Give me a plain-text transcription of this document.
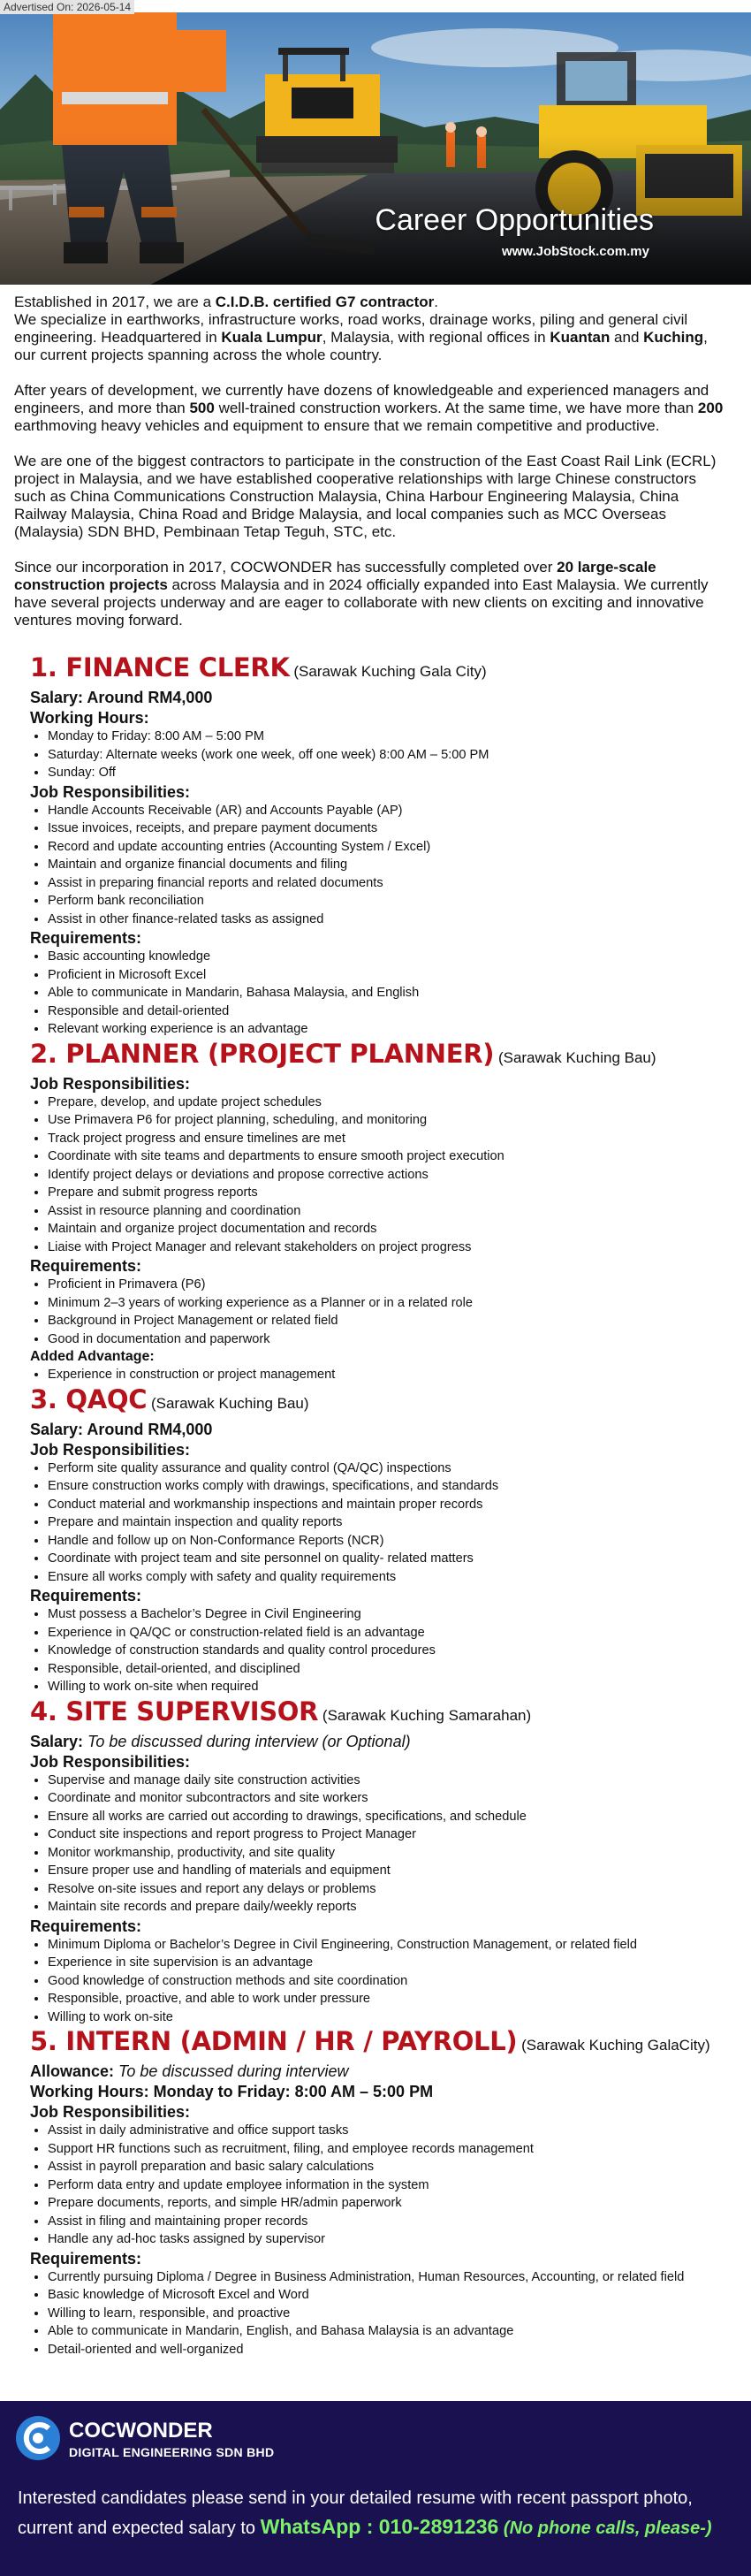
Advertised On: 2026-05-14
Career Opportunities
www.JobStock.com.my

Established in 2017, we are a C.I.D.B. certified G7 contractor.
We specialize in earthworks, infrastructure works, road works, drainage works, piling and general civil engineering. Headquartered in Kuala Lumpur, Malaysia, with regional offices in Kuantan and Kuching, our current projects spanning across the whole country.

After years of development, we currently have dozens of knowledgeable and experienced managers and engineers, and more than 500 well-trained construction workers. At the same time, we have more than 200 earthmoving heavy vehicles and equipment to ensure that we remain competitive and productive.

We are one of the biggest contractors to participate in the construction of the East Coast Rail Link (ECRL) project in Malaysia, and we have established cooperative relationships with large Chinese constructors such as China Communications Construction Malaysia, China Harbour Engineering Malaysia, China Railway Malaysia, China Road and Bridge Malaysia, and local companies such as MCC Overseas (Malaysia) SDN BHD, Pembinaan Tetap Teguh, STC, etc.

Since our incorporation in 2017, COCWONDER has successfully completed over 20 large-scale construction projects across Malaysia and in 2024 officially expanded into East Malaysia. We currently have several projects underway and are eager to collaborate with new clients on exciting and innovative ventures moving forward.

1. FINANCE CLERK (Sarawak Kuching Gala City)
Salary: Around RM4,000
Working Hours:
• Monday to Friday: 8:00 AM – 5:00 PM
• Saturday: Alternate weeks (work one week, off one week) 8:00 AM – 5:00 PM
• Sunday: Off
Job Responsibilities:
• Handle Accounts Receivable (AR) and Accounts Payable (AP)
• Issue invoices, receipts, and prepare payment documents
• Record and update accounting entries (Accounting System / Excel)
• Maintain and organize financial documents and filing
• Assist in preparing financial reports and related documents
• Perform bank reconciliation
• Assist in other finance-related tasks as assigned
Requirements:
• Basic accounting knowledge
• Proficient in Microsoft Excel
• Able to communicate in Mandarin, Bahasa Malaysia, and English
• Responsible and detail-oriented
• Relevant working experience is an advantage
2. PLANNER (PROJECT PLANNER) (Sarawak Kuching Bau)
Job Responsibilities:
• Prepare, develop, and update project schedules
• Use Primavera P6 for project planning, scheduling, and monitoring
• Track project progress and ensure timelines are met
• Coordinate with site teams and departments to ensure smooth project execution
• Identify project delays or deviations and propose corrective actions
• Prepare and submit progress reports
• Assist in resource planning and coordination
• Maintain and organize project documentation and records
• Liaise with Project Manager and relevant stakeholders on project progress
Requirements:
• Proficient in Primavera (P6)
• Minimum 2–3 years of working experience as a Planner or in a related role
• Background in Project Management or related field
• Good in documentation and paperwork
Added Advantage:
• Experience in construction or project management
3. QAQC (Sarawak Kuching Bau)
Salary: Around RM4,000
Job Responsibilities:
• Perform site quality assurance and quality control (QA/QC) inspections
• Ensure construction works comply with drawings, specifications, and standards
• Conduct material and workmanship inspections and maintain proper records
• Prepare and maintain inspection and quality reports
• Handle and follow up on Non-Conformance Reports (NCR)
• Coordinate with project team and site personnel on quality- related matters
• Ensure all works comply with safety and quality requirements
Requirements:
• Must possess a Bachelor’s Degree in Civil Engineering
• Experience in QA/QC or construction-related field is an advantage
• Knowledge of construction standards and quality control procedures
• Responsible, detail-oriented, and disciplined
• Willing to work on-site when required
4. SITE SUPERVISOR (Sarawak Kuching Samarahan)
Salary: To be discussed during interview (or Optional)
Job Responsibilities:
• Supervise and manage daily site construction activities
• Coordinate and monitor subcontractors and site workers
• Ensure all works are carried out according to drawings, specifications, and schedule
• Conduct site inspections and report progress to Project Manager
• Monitor workmanship, productivity, and site quality
• Ensure proper use and handling of materials and equipment
• Resolve on-site issues and report any delays or problems
• Maintain site records and prepare daily/weekly reports
Requirements:
• Minimum Diploma or Bachelor’s Degree in Civil Engineering, Construction Management, or related field
• Experience in site supervision is an advantage
• Good knowledge of construction methods and site coordination
• Responsible, proactive, and able to work under pressure
• Willing to work on-site
5. INTERN (ADMIN / HR / PAYROLL) (Sarawak Kuching GalaCity)
Allowance: To be discussed during interview
Working Hours: Monday to Friday: 8:00 AM – 5:00 PM
Job Responsibilities:
• Assist in daily administrative and office support tasks
• Support HR functions such as recruitment, filing, and employee records management
• Assist in payroll preparation and basic salary calculations
• Perform data entry and update employee information in the system
• Prepare documents, reports, and simple HR/admin paperwork
• Assist in filing and maintaining proper records
• Handle any ad-hoc tasks assigned by supervisor
Requirements:
• Currently pursuing Diploma / Degree in Business Administration, Human Resources, Accounting, or related field
• Basic knowledge of Microsoft Excel and Word
• Willing to learn, responsible, and proactive
• Able to communicate in Mandarin, English, and Bahasa Malaysia is an advantage
• Detail-oriented and well-organized
COCWONDER
DIGITAL ENGINEERING SDN BHD
Interested candidates please send in your detailed resume with recent passport photo, current and expected salary to WhatsApp : 010-2891236 (No phone calls, please-)
